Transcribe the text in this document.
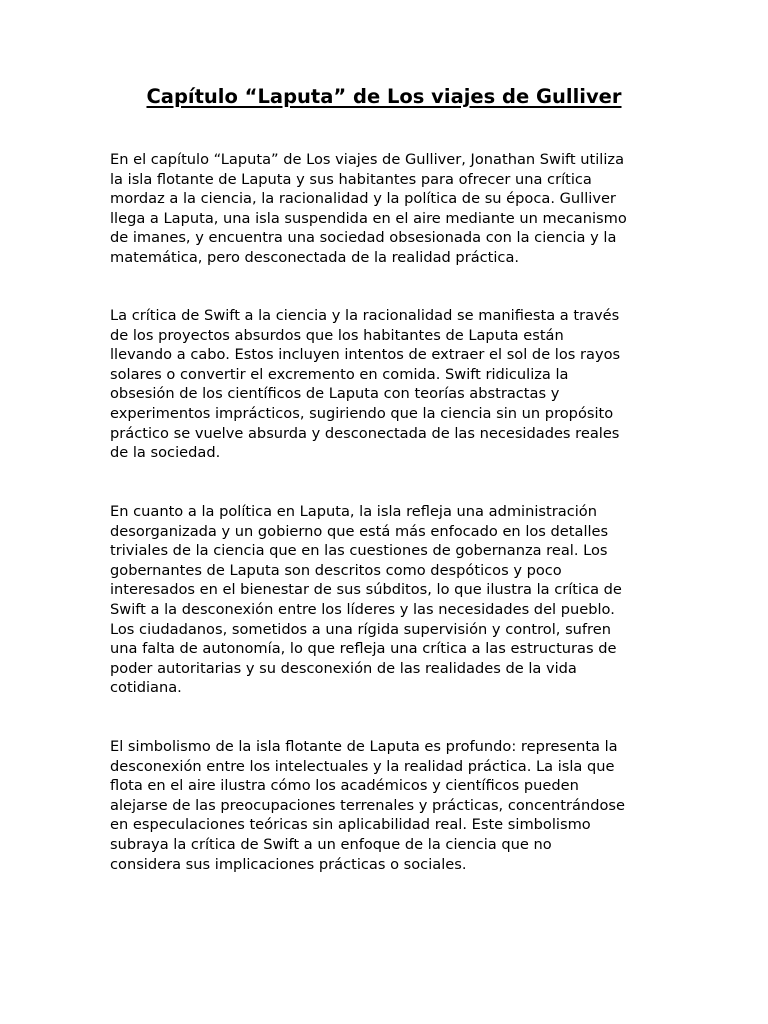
Capítulo “Laputa” de Los viajes de Gulliver

En el capítulo “Laputa” de Los viajes de Gulliver, Jonathan Swift utiliza
la isla flotante de Laputa y sus habitantes para ofrecer una crítica
mordaz a la ciencia, la racionalidad y la política de su época. Gulliver
llega a Laputa, una isla suspendida en el aire mediante un mecanismo
de imanes, y encuentra una sociedad obsesionada con la ciencia y la
matemática, pero desconectada de la realidad práctica.

La crítica de Swift a la ciencia y la racionalidad se manifiesta a través
de los proyectos absurdos que los habitantes de Laputa están
llevando a cabo. Estos incluyen intentos de extraer el sol de los rayos
solares o convertir el excremento en comida. Swift ridiculiza la
obsesión de los científicos de Laputa con teorías abstractas y
experimentos imprácticos, sugiriendo que la ciencia sin un propósito
práctico se vuelve absurda y desconectada de las necesidades reales
de la sociedad.

En cuanto a la política en Laputa, la isla refleja una administración
desorganizada y un gobierno que está más enfocado en los detalles
triviales de la ciencia que en las cuestiones de gobernanza real. Los
gobernantes de Laputa son descritos como despóticos y poco
interesados en el bienestar de sus súbditos, lo que ilustra la crítica de
Swift a la desconexión entre los líderes y las necesidades del pueblo.
Los ciudadanos, sometidos a una rígida supervisión y control, sufren
una falta de autonomía, lo que refleja una crítica a las estructuras de
poder autoritarias y su desconexión de las realidades de la vida
cotidiana.

El simbolismo de la isla flotante de Laputa es profundo: representa la
desconexión entre los intelectuales y la realidad práctica. La isla que
flota en el aire ilustra cómo los académicos y científicos pueden
alejarse de las preocupaciones terrenales y prácticas, concentrándose
en especulaciones teóricas sin aplicabilidad real. Este simbolismo
subraya la crítica de Swift a un enfoque de la ciencia que no
considera sus implicaciones prácticas o sociales.
